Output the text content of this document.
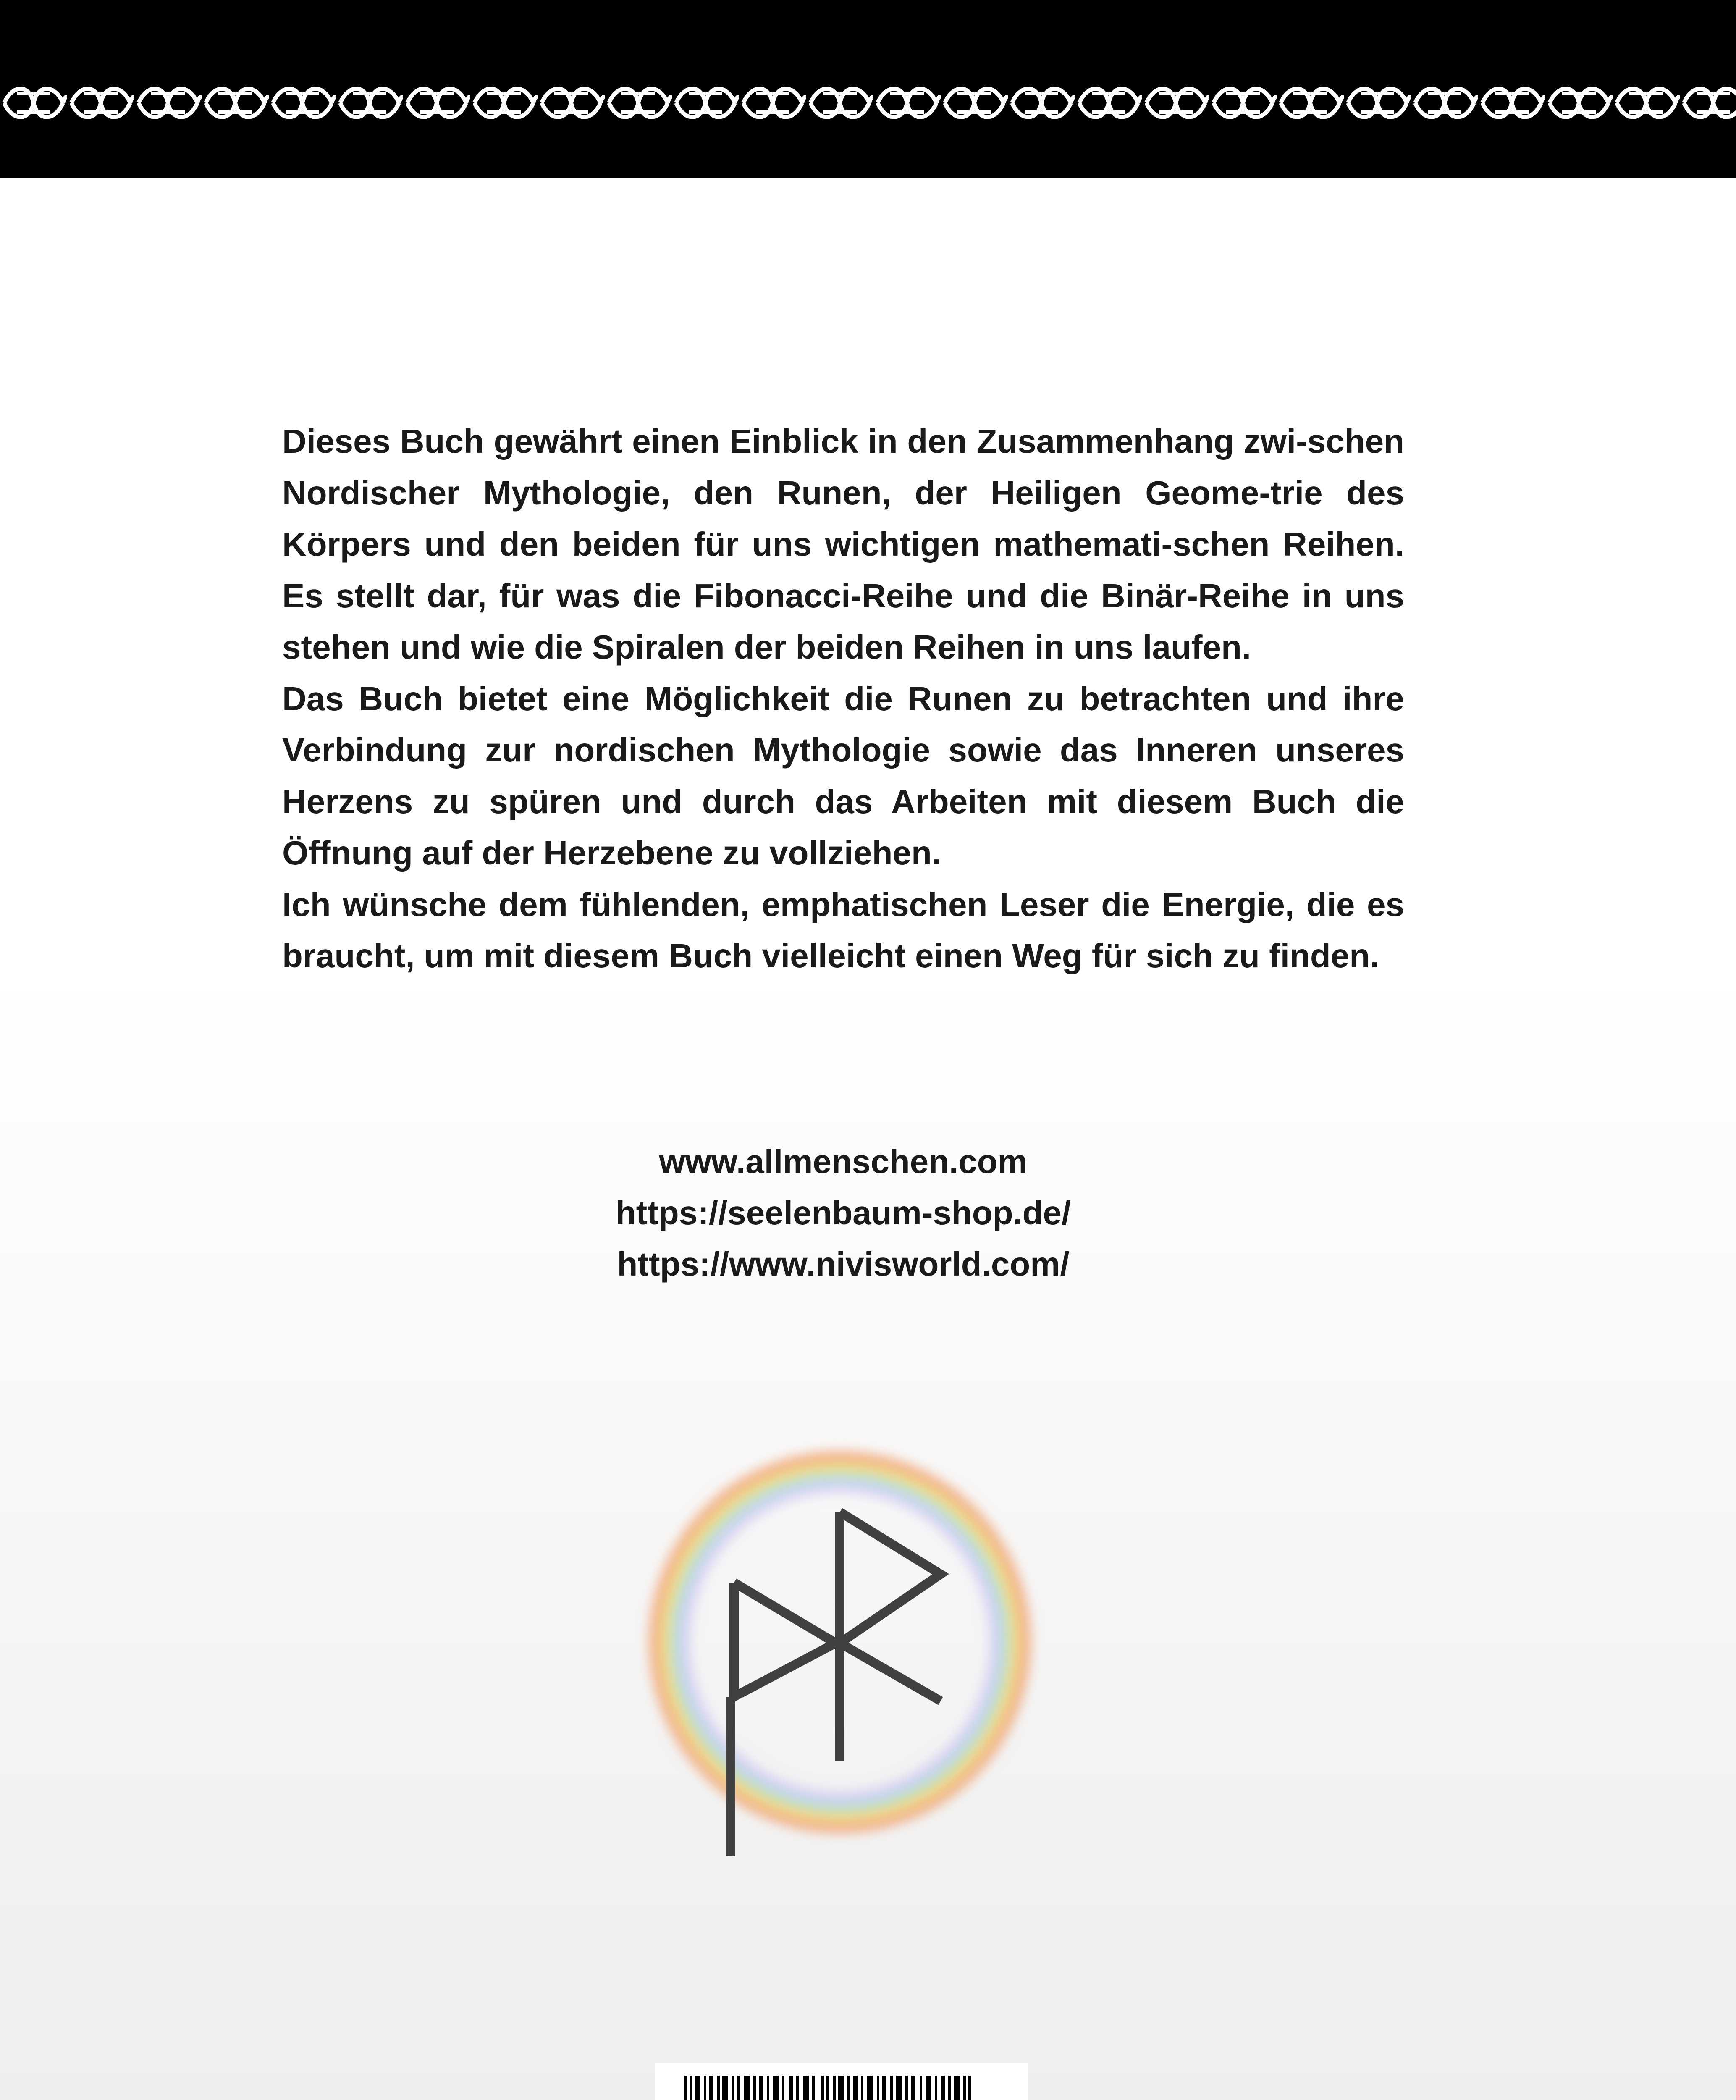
Dieses Buch gewährt einen Einblick in den Zusammenhang zwi-schen Nordischer Mythologie, den Runen, der Heiligen Geome-trie des Körpers und den beiden für uns wichtigen mathemati-schen Reihen. Es stellt dar, für was die Fibonacci-Reihe und die Binär-Reihe in uns stehen und wie die Spiralen der beiden Reihen in uns laufen.

Das Buch bietet eine Möglichkeit die Runen zu betrachten und ihre Verbindung zur nordischen Mythologie sowie das Inneren unseres Herzens zu spüren und durch das Arbeiten mit diesem Buch die Öffnung auf der Herzebene zu vollziehen.

Ich wünsche dem fühlenden, emphatischen Leser die Energie, die es braucht, um mit diesem Buch vielleicht einen Weg für sich zu finden.

www.allmenschen.com
https://seelenbaum-shop.de/
https://www.nivisworld.com/
